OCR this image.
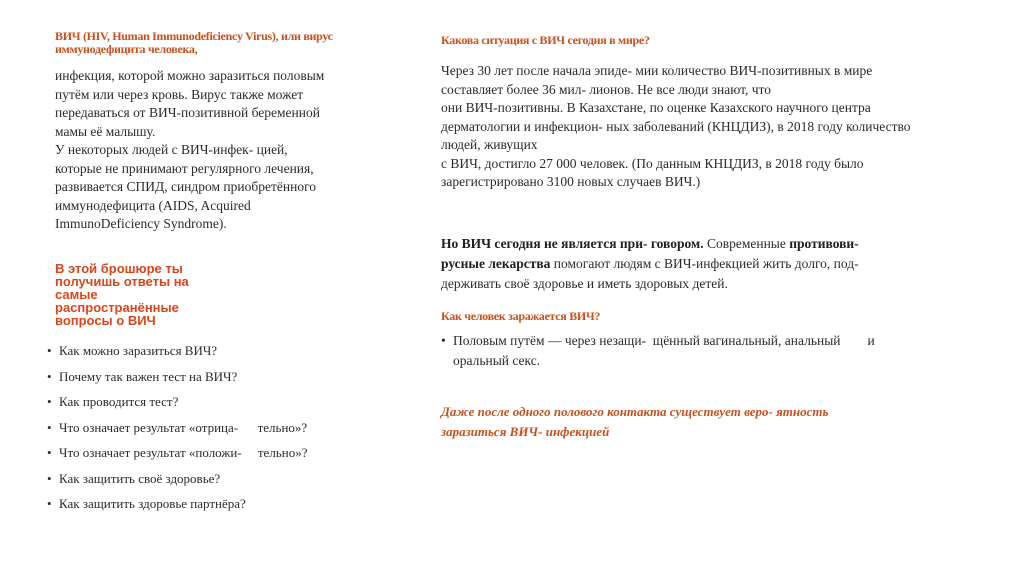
ВИЧ (HIV, Human Immunodeficiency Virus), или вирус иммунодефицита человека,
инфекция, которой можно заразиться половым
путём или через кровь. Вирус также может
передаваться от ВИЧ-позитивной беременной
мамы её малышу.
У некоторых людей с ВИЧ-инфек- цией,
которые не принимают регулярного лечения,
развивается СПИД, синдром приобретённого
иммунодефицита (AIDS, Acquired
ImmunoDeficiency Syndrome).
В этой брошюре ты получишь ответы на самые распространённые вопросы о ВИЧ
• Как можно заразиться ВИЧ?
• Почему так важен тест на ВИЧ?
• Как проводится тест?
• Что означает результат «отрица-      тельно»?
• Что означает результат «положи-     тельно»?
• Как защитить своё здоровье?
• Как защитить здоровье партнёра?
Какова ситуация с ВИЧ сегодня в мире?
Через 30 лет после начала эпиде- мии количество ВИЧ-позитивных в мире
составляет более 36 мил- лионов. Не все люди знают, что
они ВИЧ-позитивны. В Казахстане, по оценке Казахского научного центра
дерматологии и инфекцион- ных заболеваний (КНЦДИЗ), в 2018 году количество
людей, живущих
с ВИЧ, достигло 27 000 человек. (По данным КНЦДИЗ, в 2018 году было
зарегистрировано 3100 новых случаев ВИЧ.)
Но ВИЧ сегодня не является при- говором. Современные противови-
русные лекарства помогают людям с ВИЧ-инфекцией жить долго, под-
держивать своё здоровье и иметь здоровых детей.
Как человек заражается ВИЧ?
• Половым путём — через незащи-  щённый вагинальный, анальный        и
оральный секс.
Даже после одного полового контакта существует веро- ятность
заразиться ВИЧ- инфекцией
